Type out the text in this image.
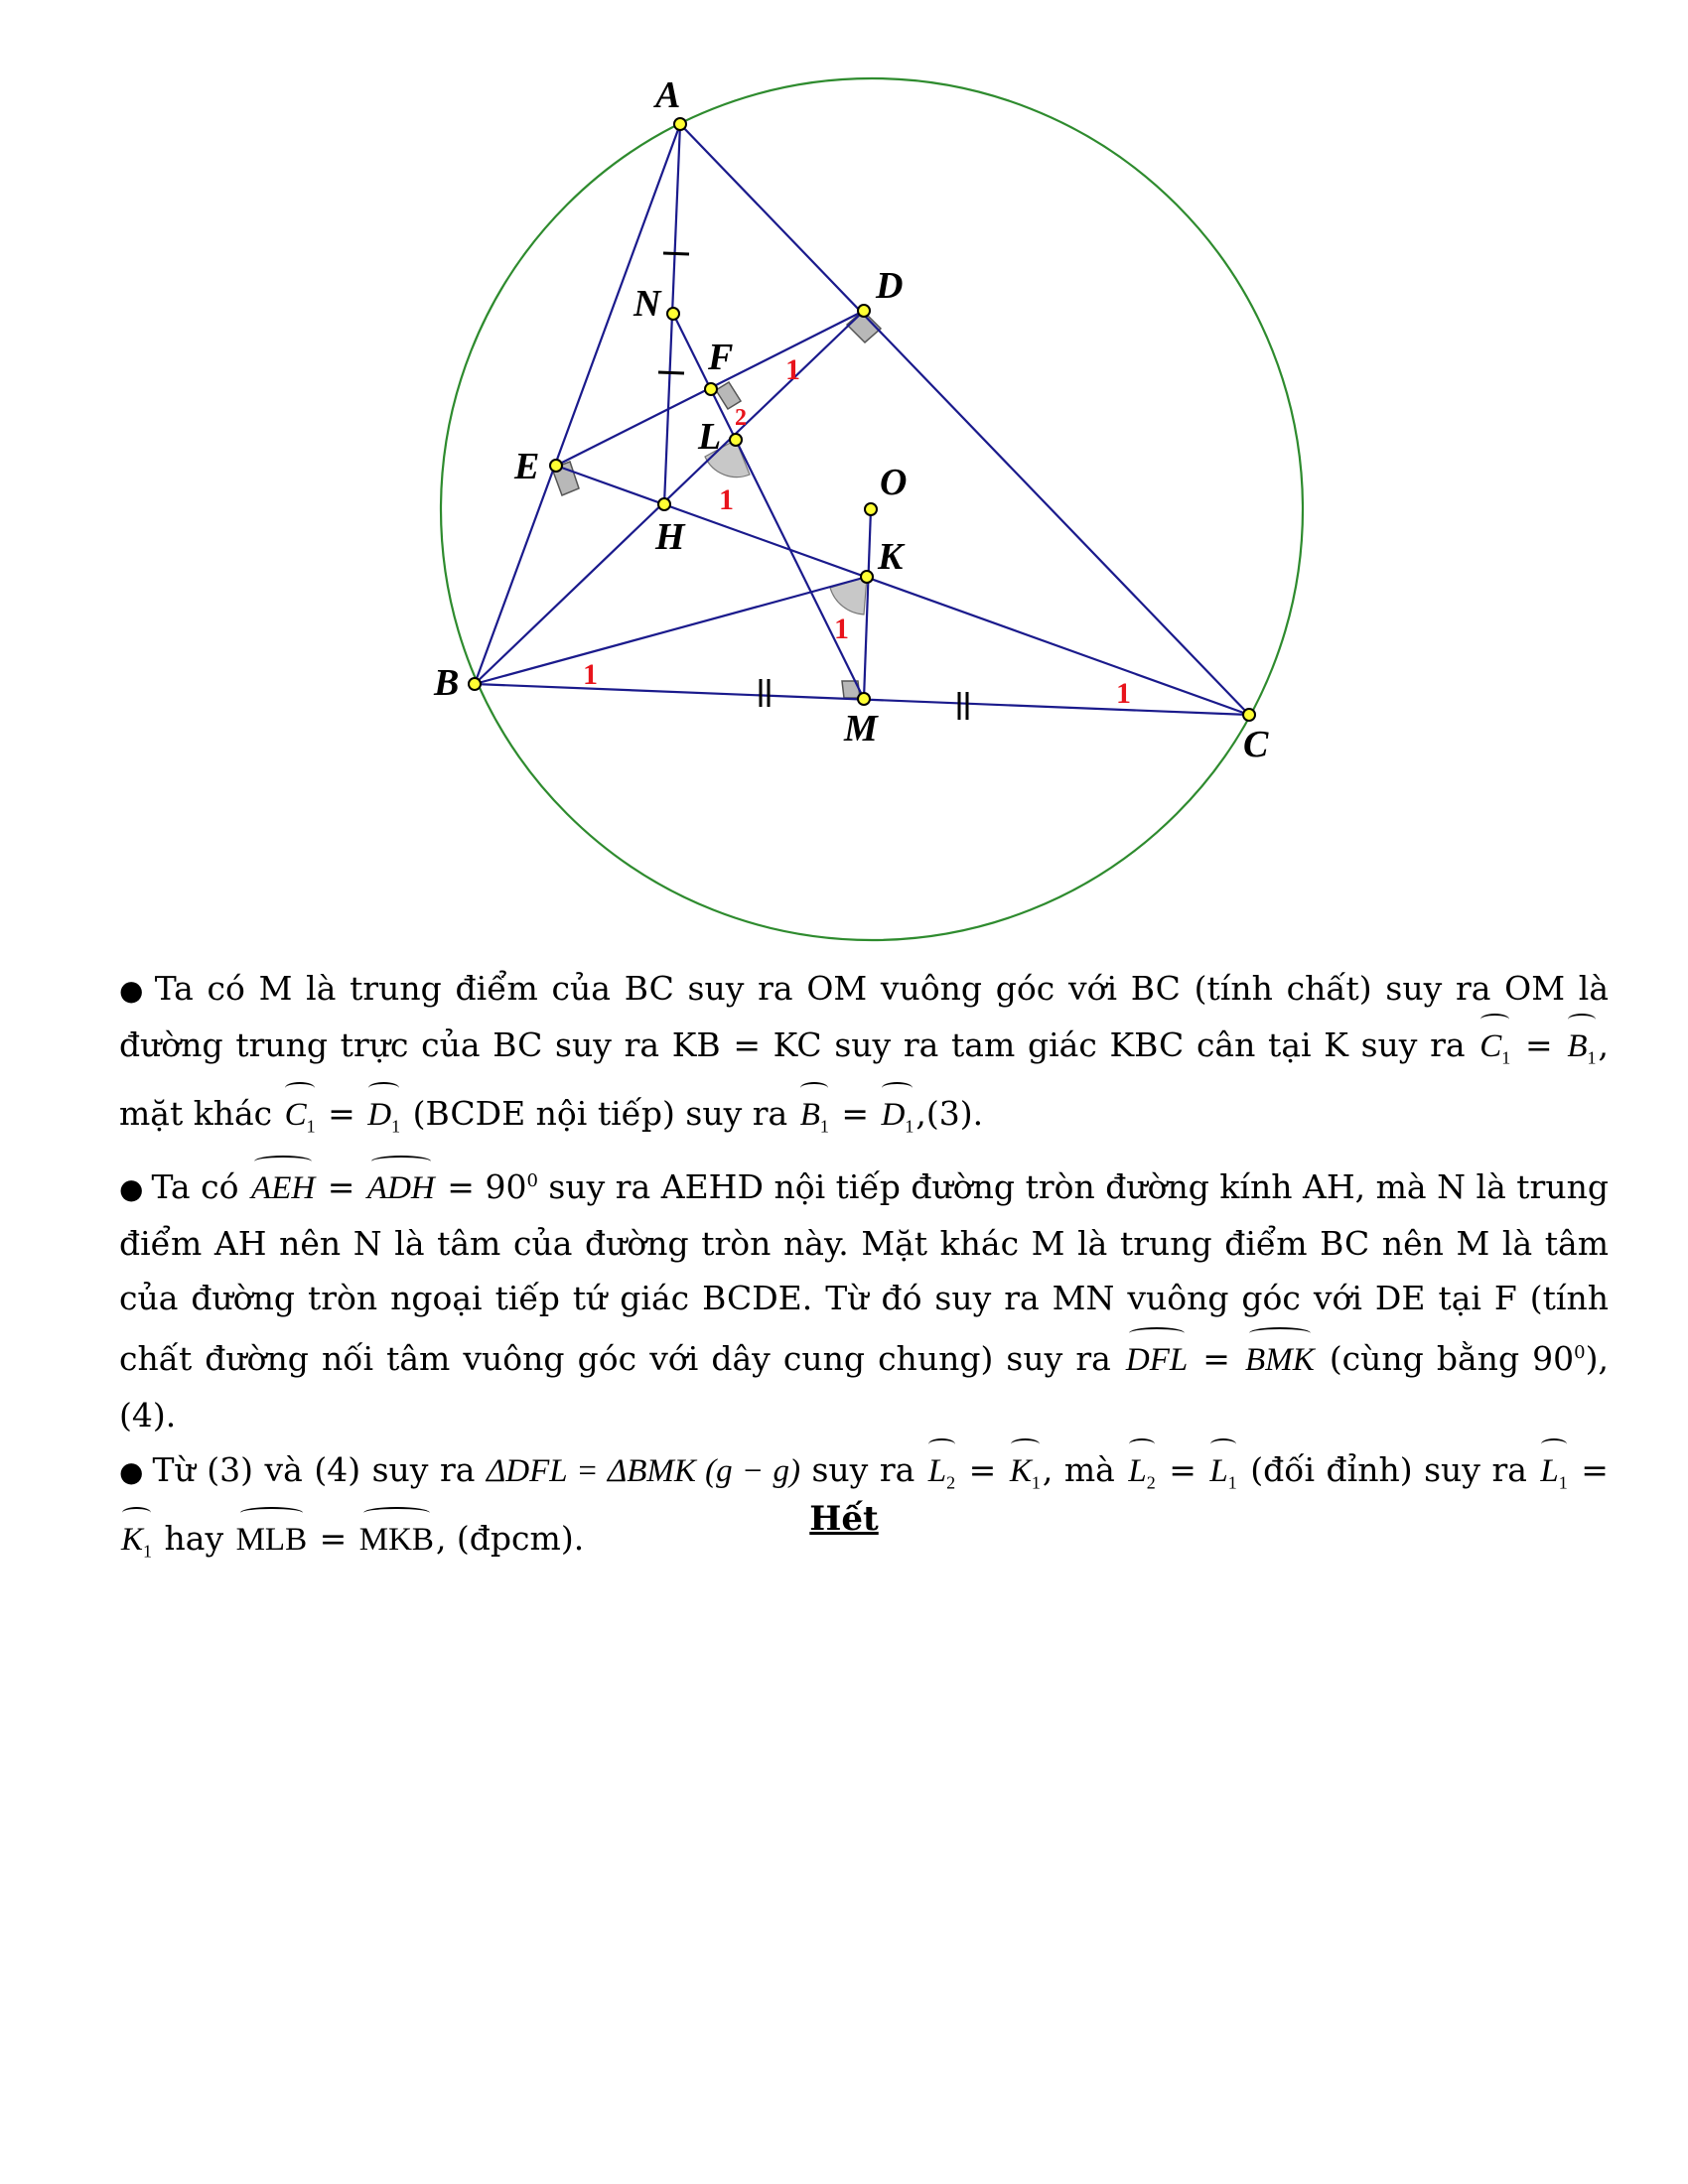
A
B
C
D
E
F
H	K
L
M
N
O
1
2
1
1
1
1

● Ta có M là trung điểm của BC suy ra OM vuông góc với BC (tính chất) suy ra OM là đường trung trực của BC suy ra KB = KC suy ra tam giác KBC cân tại K suy ra $C_1 = B_1$, mặt khác $C_1 = D_1$ (BCDE nội tiếp) suy ra $B_1 = D_1,(3)$.

● Ta có AEH = ADH = $90^0$ suy ra AEHD nội tiếp đường tròn đường kính AH, mà N là trung điểm AH nên N là tâm của đường tròn này. Mặt khác M là trung điểm BC nên M là tâm của đường tròn ngoại tiếp tứ giác BCDE. Từ đó suy ra MN vuông góc với DE tại F (tính chất đường nối tâm vuông góc với dây cung chung) suy ra DFL = BMK (cùng bằng $90^0$), (4).

● Từ (3) và (4) suy ra ΔDFL = ΔBMK (g − g) suy ra $L_2 = K_1$, mà $L_2 = L_1$ (đối đỉnh) suy ra $L_1 = K_1$ hay MLB = MKB, (đpcm).	Hết
